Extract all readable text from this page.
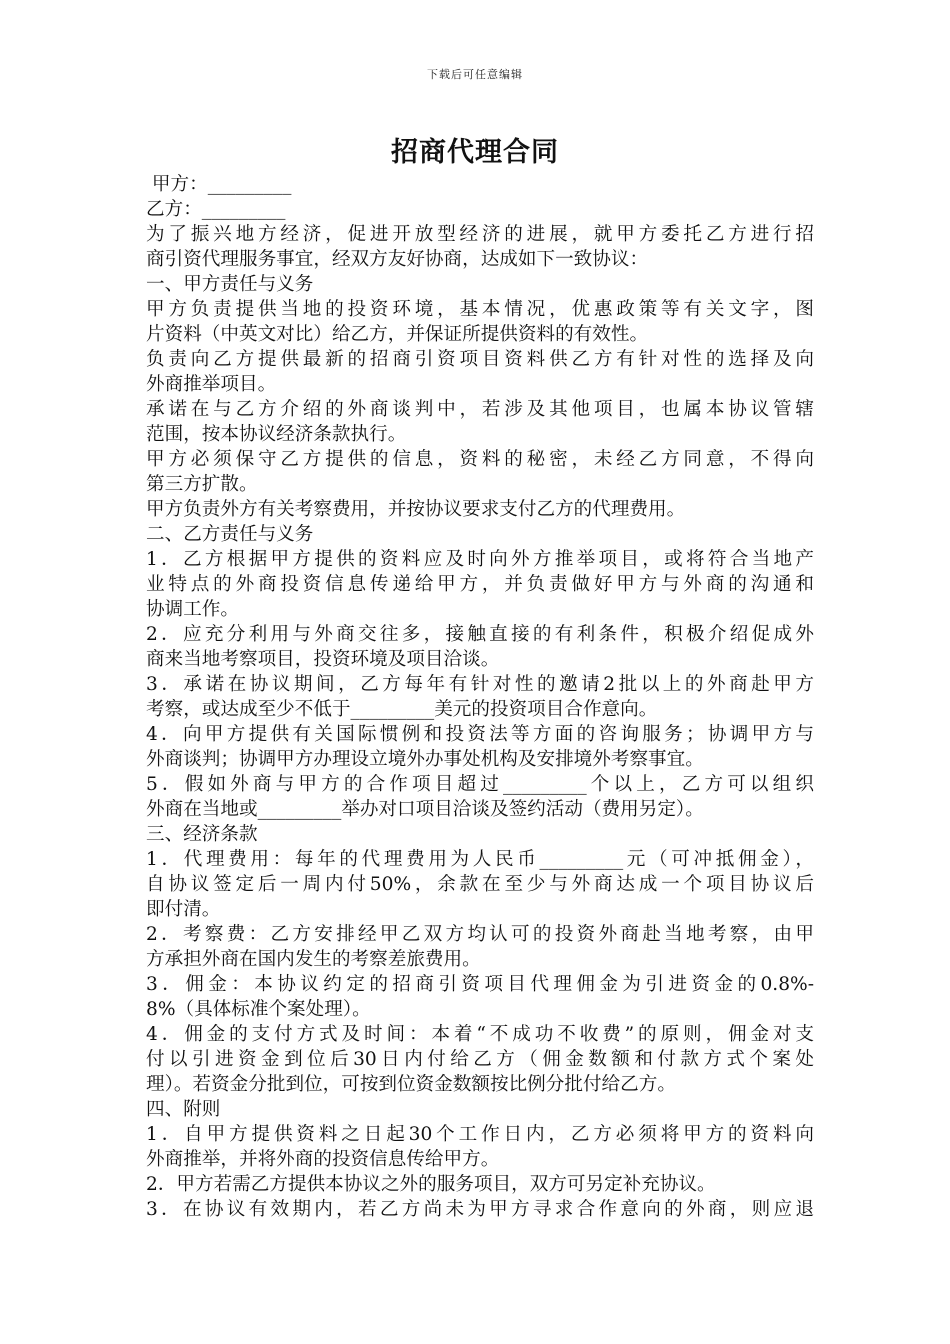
下载后可任意编辑
招商代理合同
甲方：_________
乙方：_________
为了振兴地方经济，促进开放型经济的进展，就甲方委托乙方进行招
商引资代理服务事宜，经双方友好协商，达成如下一致协议：
一、甲方责任与义务
甲方负责提供当地的投资环境，基本情况，优惠政策等有关文字，图
片资料（中英文对比）给乙方，并保证所提供资料的有效性。
负责向乙方提供最新的招商引资项目资料供乙方有针对性的选择及向
外商推举项目。
承诺在与乙方介绍的外商谈判中，若涉及其他项目，也属本协议管辖
范围，按本协议经济条款执行。
甲方必须保守乙方提供的信息，资料的秘密，未经乙方同意，不得向
第三方扩散。
甲方负责外方有关考察费用，并按协议要求支付乙方的代理费用。
二、乙方责任与义务
1．乙方根据甲方提供的资料应及时向外方推举项目，或将符合当地产
业特点的外商投资信息传递给甲方，并负责做好甲方与外商的沟通和
协调工作。
2．应充分利用与外商交往多，接触直接的有利条件，积极介绍促成外
商来当地考察项目，投资环境及项目洽谈。
3．承诺在协议期间，乙方每年有针对性的邀请2批以上的外商赴甲方
考察，或达成至少不低于_________美元的投资项目合作意向。
4．向甲方提供有关国际惯例和投资法等方面的咨询服务；协调甲方与
外商谈判；协调甲方办理设立境外办事处机构及安排境外考察事宜。
5．假如外商与甲方的合作项目超过_________个以上，乙方可以组织
外商在当地或_________举办对口项目洽谈及签约活动（费用另定）。
三、经济条款
1．代理费用：每年的代理费用为人民币_________元（可冲抵佣金），
自协议签定后一周内付50%，余款在至少与外商达成一个项目协议后
即付清。
2．考察费：乙方安排经甲乙双方均认可的投资外商赴当地考察，由甲
方承担外商在国内发生的考察差旅费用。
3．佣金：本协议约定的招商引资项目代理佣金为引进资金的0.8%-
8%（具体标准个案处理）。
4．佣金的支付方式及时间：本着“不成功不收费”的原则，佣金对支
付以引进资金到位后30日内付给乙方（佣金数额和付款方式个案处
理）。若资金分批到位，可按到位资金数额按比例分批付给乙方。
四、附则
1．自甲方提供资料之日起30个工作日内，乙方必须将甲方的资料向
外商推举，并将外商的投资信息传给甲方。
2．甲方若需乙方提供本协议之外的服务项目，双方可另定补充协议。
3．在协议有效期内，若乙方尚未为甲方寻求合作意向的外商，则应退
